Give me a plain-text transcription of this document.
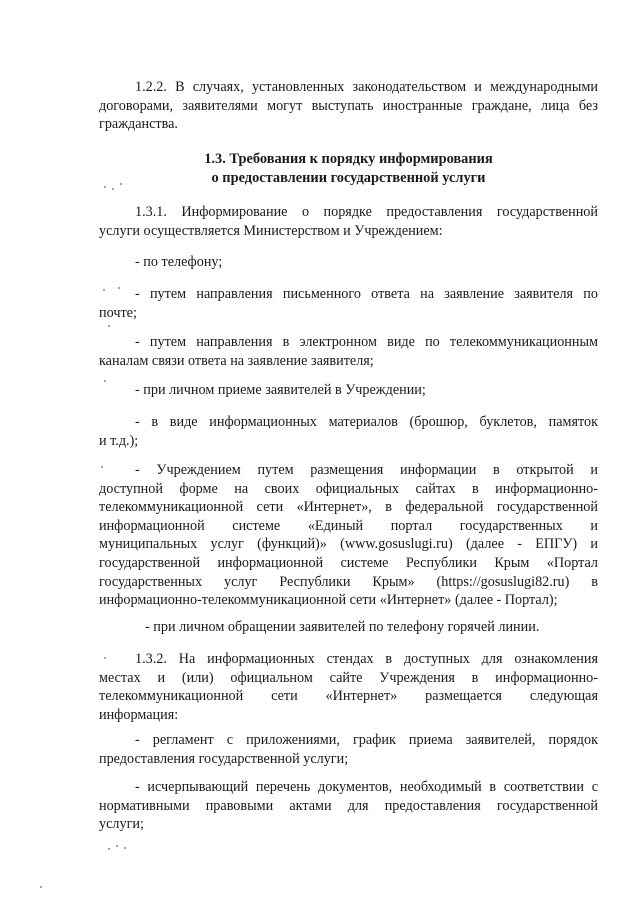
1.2.2. В случаях, установленных законодательством и международными
договорами, заявителями могут выступать иностранные граждане, лица без
гражданства.

1.3. Требования к порядку информирования
о предоставлении государственной услуги

1.3.1. Информирование о порядке предоставления государственной
услуги осуществляется Министерством и Учреждением:

- по телефону;

- путем направления письменного ответа на заявление заявителя по
почте;

- путем направления в электронном виде по телекоммуникационным
каналам связи ответа на заявление заявителя;

- при личном приеме заявителей в Учреждении;

- в виде информационных материалов (брошюр, буклетов, памяток
и т.д.);

- Учреждением путем размещения информации в открытой и
доступной форме на своих официальных сайтах в информационно-
телекоммуникационной сети «Интернет», в федеральной государственной
информационной системе «Единый портал государственных и
муниципальных услуг (функций)» (www.gosuslugi.ru) (далее - ЕПГУ) и
государственной информационной системе Республики Крым «Портал
государственных услуг Республики Крым» (https://gosuslugi82.ru) в
информационно-телекоммуникационной сети «Интернет» (далее - Портал);

- при личном обращении заявителей по телефону горячей линии.

1.3.2. На информационных стендах в доступных для ознакомления
местах и (или) официальном сайте Учреждения в информационно-
телекоммуникационной сети «Интернет» размещается следующая
информация:

- регламент с приложениями, график приема заявителей, порядок
предоставления государственной услуги;

- исчерпывающий перечень документов, необходимый в соответствии с
нормативными правовыми актами для предоставления государственной
услуги;
